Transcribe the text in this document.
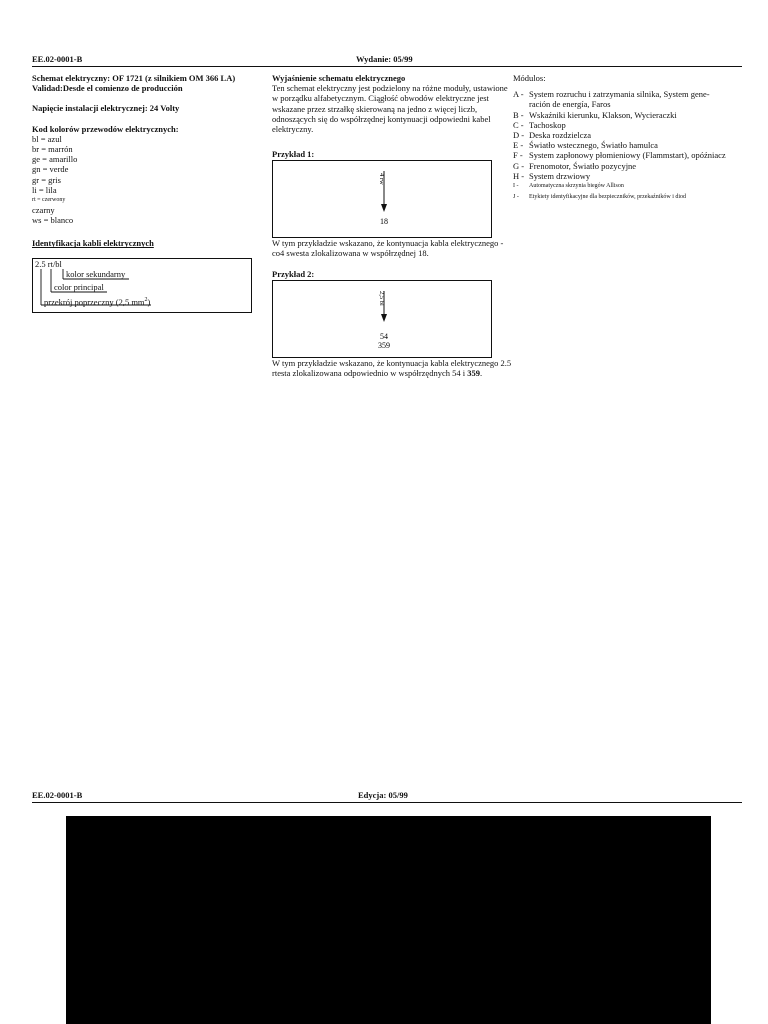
EE.02-0001-B	Wydanie: 05/99
Schemat elektryczny: OF 1721 (z silnikiem OM 366 LA)
Validad:Desde el comienzo de producción
Napięcie instalacji elektrycznej: 24 Volty
Kod kolorów przewodów elektrycznych:
bl = azul
br = marrón
ge = amarillo
gn = verde
gr = gris
li = lila
rt = czerwony
czarny
ws = blanco
Identyfikacja kabli elektrycznych
2.5 rt/bl
kolor sekundarny
color principal
przekrój poprzeczny (2,5 $mm^2$)
Wyjaśnienie schematu elektrycznego
Ten schemat elektryczny jest podzielony na różne moduły, ustawione w porządku alfabetycznym. Ciągłość obwodów elektryczne jest wskazane przez strzałkę skierowaną na jedno z więcej liczb, odnoszących się do współrzędnej kontynuacji odpowiedni kabel elektryczny.
Przykład 1:
4 rw
18
W tym przykładzie wskazano, że kontynuacja kabla elektrycznego - co4 swesta zlokalizowana w współrzędnej 18.
Przykład 2:
2,5 bl
54
359
W tym przykładzie wskazano, że kontynuacja kabla elektrycznego 2.5 rtesta zlokalizowana odpowiednio w współrzędnych 54 i 359.
Módulos:
A - System rozruchu i zatrzymania silnika, System gene-
ración de energía, Faros
B - Wskaźniki kierunku, Klakson, Wycieraczki
C - Tachoskop
D - Deska rozdzielcza
E - Światło wstecznego, Światło hamulca
F - System zapłonowy płomieniowy (Flammstart), opóźniacz
G - Frenomotor, Światło pozycyjne
H - System drzwiowy
I -	Automatyczna skrzynia biegów Allison
J -	Etykiety identyfikacyjne dla bezpieczników, przekaźników i diod
EE.02-0001-B	Edycja: 05/99
